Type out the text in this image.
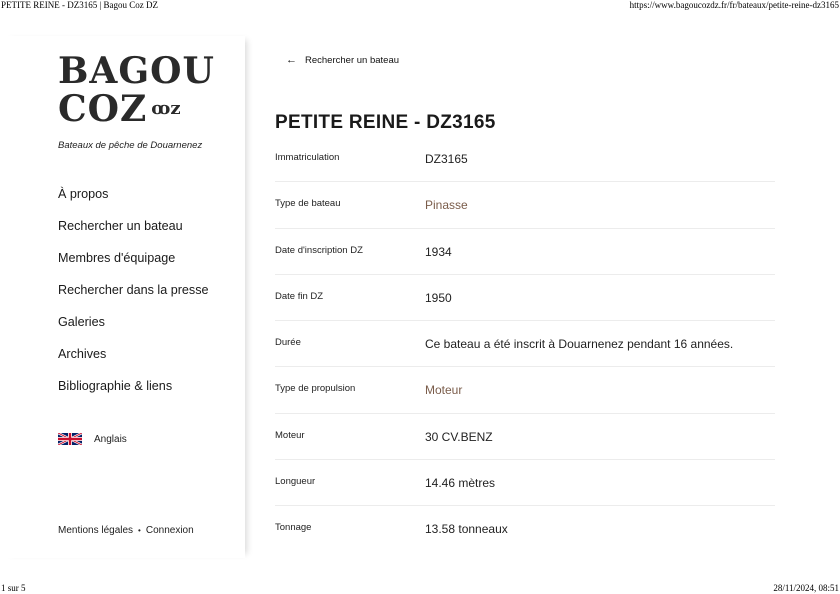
PETITE REINE - DZ3165 | Bagou Coz DZ	https://www.bagoucozdz.fr/fr/bateaux/petite-reine-dz3165
BAGOU
COZ $^{ꝏz}$
Bateaux de pêche de Douarnenez
À propos
Rechercher un bateau
Membres d'équipage
Rechercher dans la presse
Galeries
Archives
Bibliographie & liens
Anglais
Mentions légales • Connexion
← Rechercher un bateau
PETITE REINE - DZ3165
Immatriculation	DZ3165
Type de bateau	Pinasse
Date d'inscription DZ	1934
Date fin DZ	1950
Durée	Ce bateau a été inscrit à Douarnenez pendant 16 années.
Type de propulsion	Moteur
Moteur	30 CV.BENZ
Longueur	14.46 mètres
Tonnage	13.58 tonneaux
1 sur 5	28/11/2024, 08:51
